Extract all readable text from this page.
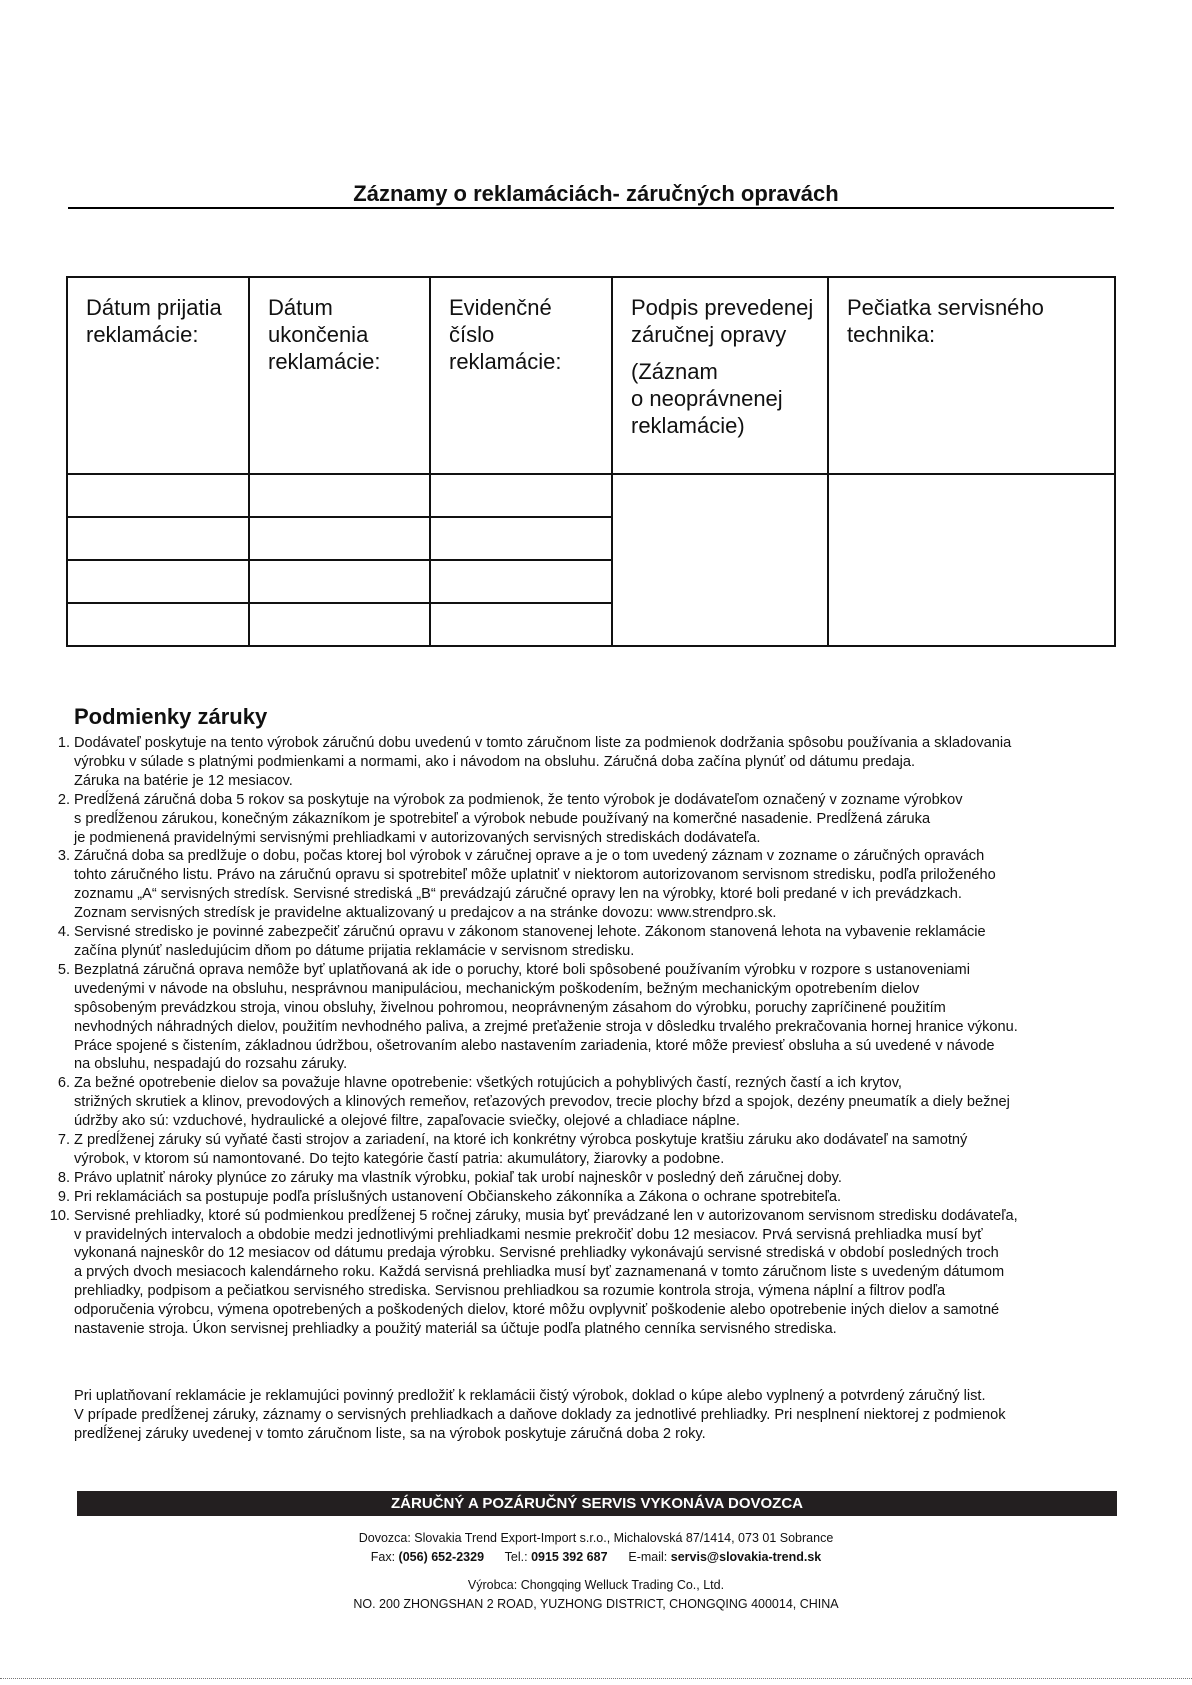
Záznamy o reklamáciách- záručných opravách
Dátum prijatia
reklamácie:	Dátum
ukončenia
reklamácie:	Evidenčné
číslo
reklamácie:	Podpis prevedenej
záručnej opravy
(Záznam
o neoprávnenej
reklamácie)	Pečiatka servisného
technika:

Podmienky záruky
1. Dodávateľ poskytuje na tento výrobok záručnú dobu uvedenú v tomto záručnom liste za podmienok dodržania spôsobu používania a skladovania
výrobku v súlade s platnými podmienkami a normami, ako i návodom na obsluhu. Záručná doba začína plynúť od dátumu predaja.
Záruka na batérie je 12 mesiacov.
2. Predĺžená záručná doba 5 rokov sa poskytuje na výrobok za podmienok, že tento výrobok je dodávateľom označený v zozname výrobkov
s predĺženou zárukou, konečným zákazníkom je spotrebiteľ a výrobok nebude používaný na komerčné nasadenie. Predĺžená záruka
je podmienená pravidelnými servisnými prehliadkami v autorizovaných servisných strediskách dodávateľa.
3. Záručná doba sa predlžuje o dobu, počas ktorej bol výrobok v záručnej oprave a je o tom uvedený záznam v zozname o záručných opravách
tohto záručného listu. Právo na záručnú opravu si spotrebiteľ môže uplatniť v niektorom autorizovanom servisnom stredisku, podľa priloženého
zoznamu „A“ servisných stredísk. Servisné strediská „B“ prevádzajú záručné opravy len na výrobky, ktoré boli predané v ich prevádzkach.
Zoznam servisných stredísk je pravidelne aktualizovaný u predajcov a na stránke dovozu: www.strendpro.sk.
4. Servisné stredisko je povinné zabezpečiť záručnú opravu v zákonom stanovenej lehote. Zákonom stanovená lehota na vybavenie reklamácie
začína plynúť nasledujúcim dňom po dátume prijatia reklamácie v servisnom stredisku.
5. Bezplatná záručná oprava nemôže byť uplatňovaná ak ide o poruchy, ktoré boli spôsobené používaním výrobku v rozpore s ustanoveniami
uvedenými v návode na obsluhu, nesprávnou manipuláciou, mechanickým poškodením, bežným mechanickým opotrebením dielov
spôsobeným prevádzkou stroja, vinou obsluhy, živelnou pohromou, neoprávneným zásahom do výrobku, poruchy zapríčinené použitím
nevhodných náhradných dielov, použitím nevhodného paliva, a zrejmé preťaženie stroja v dôsledku trvalého prekračovania hornej hranice výkonu.
Práce spojené s čistením, základnou údržbou, ošetrovaním alebo nastavením zariadenia, ktoré môže previesť obsluha a sú uvedené v návode
na obsluhu, nespadajú do rozsahu záruky.
6. Za bežné opotrebenie dielov sa považuje hlavne opotrebenie: všetkých rotujúcich a pohyblivých častí, rezných častí a ich krytov,
strižných skrutiek a klinov, prevodových a klinových remeňov, reťazových prevodov, trecie plochy bŕzd a spojok, dezény pneumatík a diely bežnej
údržby ako sú: vzduchové, hydraulické a olejové filtre, zapaľovacie sviečky, olejové a chladiace náplne.
7. Z predĺženej záruky sú vyňaté časti strojov a zariadení, na ktoré ich konkrétny výrobca poskytuje kratšiu záruku ako dodávateľ na samotný
výrobok, v ktorom sú namontované. Do tejto kategórie častí patria: akumulátory, žiarovky a podobne.
8. Právo uplatniť nároky plynúce zo záruky ma vlastník výrobku, pokiaľ tak urobí najneskôr v posledný deň záručnej doby.
9. Pri reklamáciách sa postupuje podľa príslušných ustanovení Občianskeho zákonníka a Zákona o ochrane spotrebiteľa.
10. Servisné prehliadky, ktoré sú podmienkou predĺženej 5 ročnej záruky, musia byť prevádzané len v autorizovanom servisnom stredisku dodávateľa,
v pravidelných intervaloch a obdobie medzi jednotlivými prehliadkami nesmie prekročiť dobu 12 mesiacov. Prvá servisná prehliadka musí byť
vykonaná najneskôr do 12 mesiacov od dátumu predaja výrobku. Servisné prehliadky vykonávajú servisné strediská v období posledných troch
a prvých dvoch mesiacoch kalendárneho roku. Každá servisná prehliadka musí byť zaznamenaná v tomto záručnom liste s uvedeným dátumom
prehliadky, podpisom a pečiatkou servisného strediska. Servisnou prehliadkou sa rozumie kontrola stroja, výmena náplní a filtrov podľa
odporučenia výrobcu, výmena opotrebených a poškodených dielov, ktoré môžu ovplyvniť poškodenie alebo opotrebenie iných dielov a samotné
nastavenie stroja. Úkon servisnej prehliadky a použitý materiál sa účtuje podľa platného cenníka servisného strediska.
Pri uplatňovaní reklamácie je reklamujúci povinný predložiť k reklamácii čistý výrobok, doklad o kúpe alebo vyplnený a potvrdený záručný list.
V prípade predĺženej záruky, záznamy o servisných prehliadkach a daňove doklady za jednotlivé prehliadky. Pri nesplnení niektorej z podmienok
predĺženej záruky uvedenej v tomto záručnom liste, sa na výrobok poskytuje záručná doba 2 roky.
ZÁRUČNÝ A POZÁRUČNÝ SERVIS VYKONÁVA DOVOZCA
Dovozca: Slovakia Trend Export-Import s.r.o., Michalovská 87/1414, 073 01 Sobrance
Fax: (056) 652-2329 Tel.: 0915 392 687 E-mail: servis@slovakia-trend.sk
Výrobca: Chongqing Welluck Trading Co., Ltd.
NO. 200 ZHONGSHAN 2 ROAD, YUZHONG DISTRICT, CHONGQING 400014, CHINA
